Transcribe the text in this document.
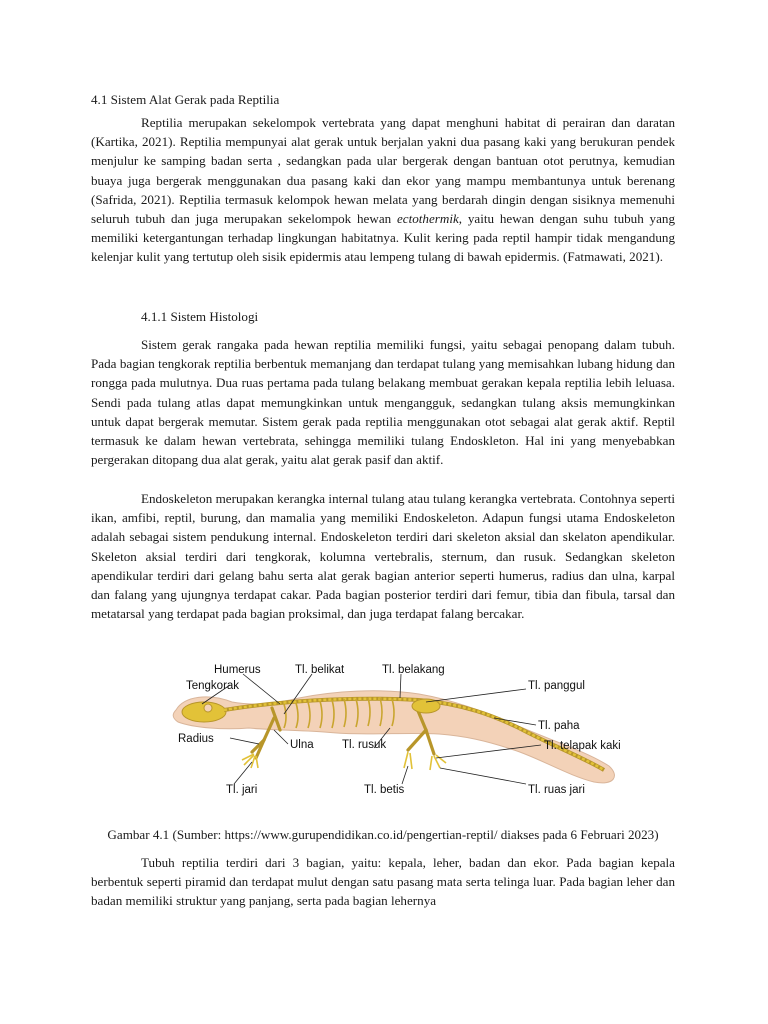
4.1 Sistem Alat Gerak pada Reptilia

Reptilia merupakan sekelompok vertebrata yang dapat menghuni habitat di perairan dan daratan (Kartika, 2021). Reptilia mempunyai alat gerak untuk berjalan yakni dua pasang kaki yang berukuran pendek menjulur ke samping badan serta , sedangkan pada ular bergerak dengan bantuan otot perutnya, kemudian buaya juga bergerak menggunakan dua pasang kaki dan ekor yang mampu membantunya untuk berenang (Safrida, 2021). Reptilia termasuk kelompok hewan melata yang berdarah dingin dengan sisiknya memenuhi seluruh tubuh dan juga merupakan sekelompok hewan ectothermik, yaitu hewan dengan suhu tubuh yang memiliki ketergantungan terhadap lingkungan habitatnya. Kulit kering pada reptil hampir tidak mengandung kelenjar kulit yang tertutup oleh sisik epidermis atau lempeng tulang di bawah epidermis. (Fatmawati, 2021).

4.1.1 Sistem Histologi

Sistem gerak rangaka pada hewan reptilia memiliki fungsi, yaitu sebagai penopang dalam tubuh. Pada bagian tengkorak reptilia berbentuk memanjang dan terdapat tulang yang memisahkan lubang hidung dan rongga pada mulutnya. Dua ruas pertama pada tulang belakang membuat gerakan kepala reptilia lebih leluasa. Sendi pada tulang atlas dapat memungkinkan untuk mengangguk, sedangkan tulang aksis memungkinkan untuk dapat bergerak memutar. Sistem gerak pada reptilia menggunakan otot sebagai alat gerak aktif. Reptil termasuk ke dalam hewan vertebrata, sehingga memiliki tulang Endoskleton. Hal ini yang menyebabkan pergerakan ditopang dua alat gerak, yaitu alat gerak pasif dan aktif.

Endoskeleton merupakan kerangka internal tulang atau tulang kerangka vertebrata. Contohnya seperti ikan, amfibi, reptil, burung, dan mamalia yang memiliki Endoskeleton. Adapun fungsi utama Endoskeleton adalah sebagai sistem pendukung internal. Endoskeleton terdiri dari skeleton aksial dan skelaton apendikular. Skeleton aksial terdiri dari tengkorak, kolumna vertebralis, sternum, dan rusuk. Sedangkan skeleton apendikular terdiri dari gelang bahu serta alat gerak bagian anterior seperti humerus, radius dan ulna, karpal dan falang yang ujungnya terdapat cakar. Pada bagian posterior terdiri dari femur, tibia dan fibula, tarsal dan metatarsal yang terdapat pada bagian proksimal, dan juga terdapat falang bercakar.

Humerus	Tl. belikat	Tl. belakang
Tengkorak	Tl. panggul
Tl. paha
Radius	Ulna Tl. rusuk	Tl. telapak kaki
Tl. jari	Tl. betis	Tl. ruas jari

Gambar 4.1 (Sumber: https://www.gurupendidikan.co.id/pengertian-reptil/ diakses pada 6 Februari 2023)

Tubuh reptilia terdiri dari 3 bagian, yaitu: kepala, leher, badan dan ekor. Pada bagian kepala berbentuk seperti piramid dan terdapat mulut dengan satu pasang mata serta telinga luar. Pada bagian leher dan badan memiliki struktur yang panjang, serta pada bagian lehernya
